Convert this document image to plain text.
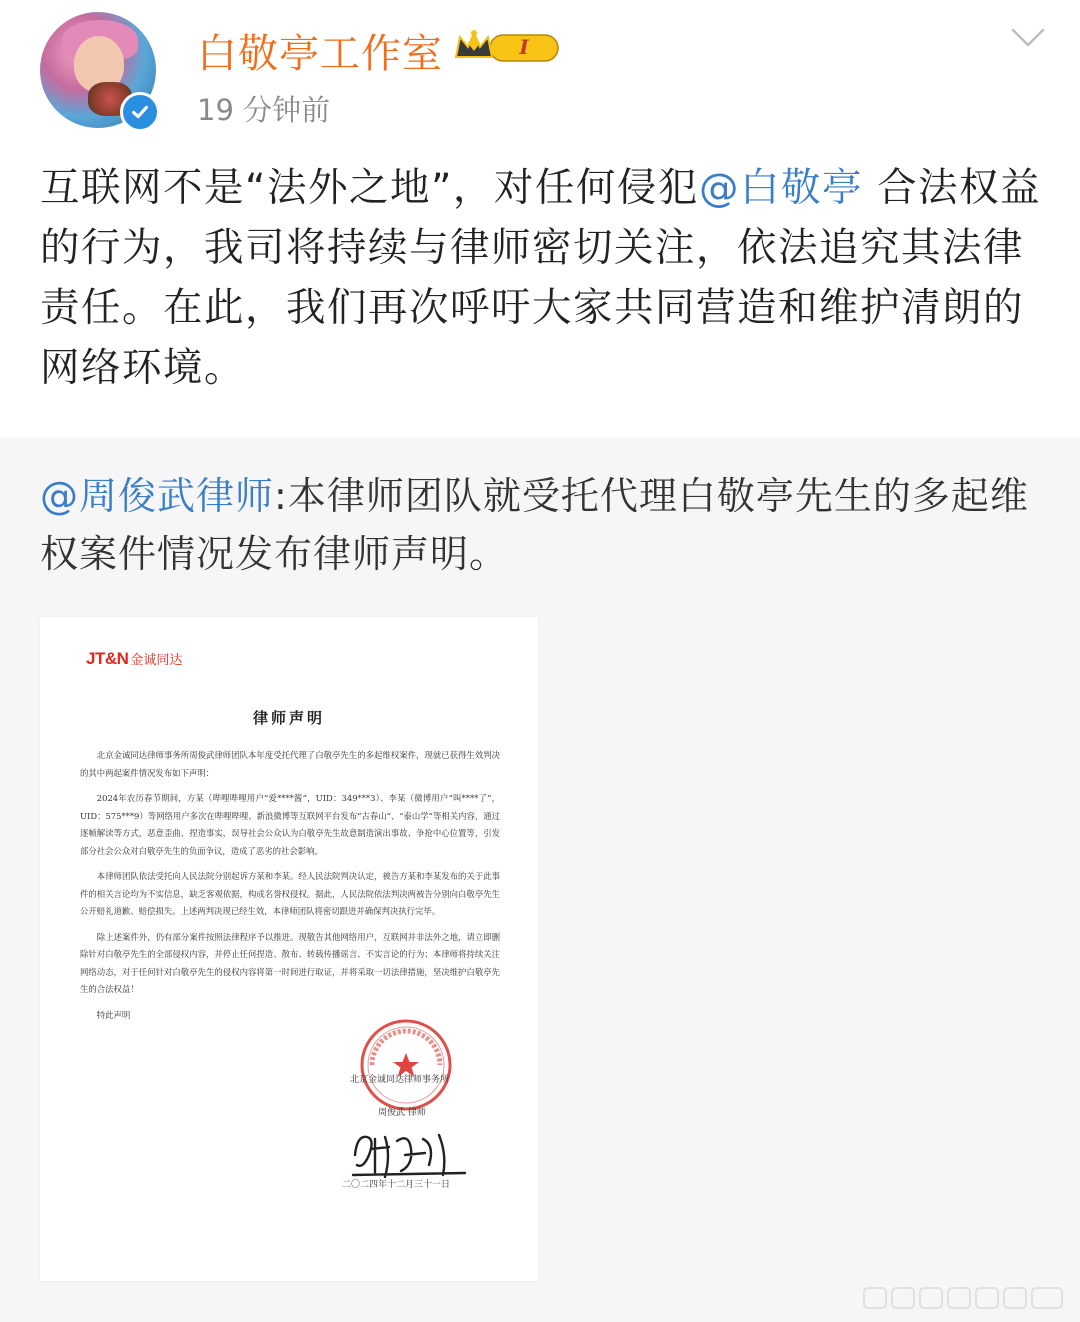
白敬亭工作室	I
19 分钟前
互联网不是“法外之地”，对任何侵犯@白敬亭 合法权益的行为，我司将持续与律师密切关注，依法追究其法律责任。在此，我们再次呼吁大家共同营造和维护清朗的网络环境。
@周俊武律师:本律师团队就受托代理白敬亭先生的多起维权案件情况发布律师声明。
JT&N 金诚同达
律师声明

北京金诚同达律师事务所周俊武律师团队本年度受托代理了白敬亭先生的多起维权案件，现就已获得生效判决的其中两起案件情况发布如下声明：

2024年农历春节期间，方某（哔哩哔哩用户“爱****酱”，UID：349***3）、李某（微博用户“叫****了”，UID：575***9）等网络用户多次在哔哩哔哩、新浪微博等互联网平台发布“古春山”、“泰山学”等相关内容，通过逐帧解读等方式，恶意歪曲、捏造事实，误导社会公众认为白敬亭先生故意制造演出事故、争抢中心位置等，引发部分社会公众对白敬亭先生的负面争议，造成了恶劣的社会影响。

本律师团队依法受托向人民法院分别起诉方某和李某。经人民法院判决认定，被告方某和李某发布的关于此事件的相关言论均为不实信息，缺乏客观依据，构成名誉权侵权。据此，人民法院依法判决两被告分别向白敬亭先生公开赔礼道歉、赔偿损失。上述两判决现已经生效，本律师团队将密切跟进并确保判决执行完毕。

除上述案件外，仍有部分案件按照法律程序予以推进。现敬告其他网络用户，互联网并非法外之地，请立即删除针对白敬亭先生的全部侵权内容，并停止任何捏造、散布、转载传播谣言、不实言论的行为；本律师将持续关注网络动态，对于任何针对白敬亭先生的侵权内容将第一时间进行取证，并将采取一切法律措施，坚决维护白敬亭先生的合法权益！

特此声明

北京金诚同达律师事务所
周俊武 律师
二〇二四年十二月三十一日
